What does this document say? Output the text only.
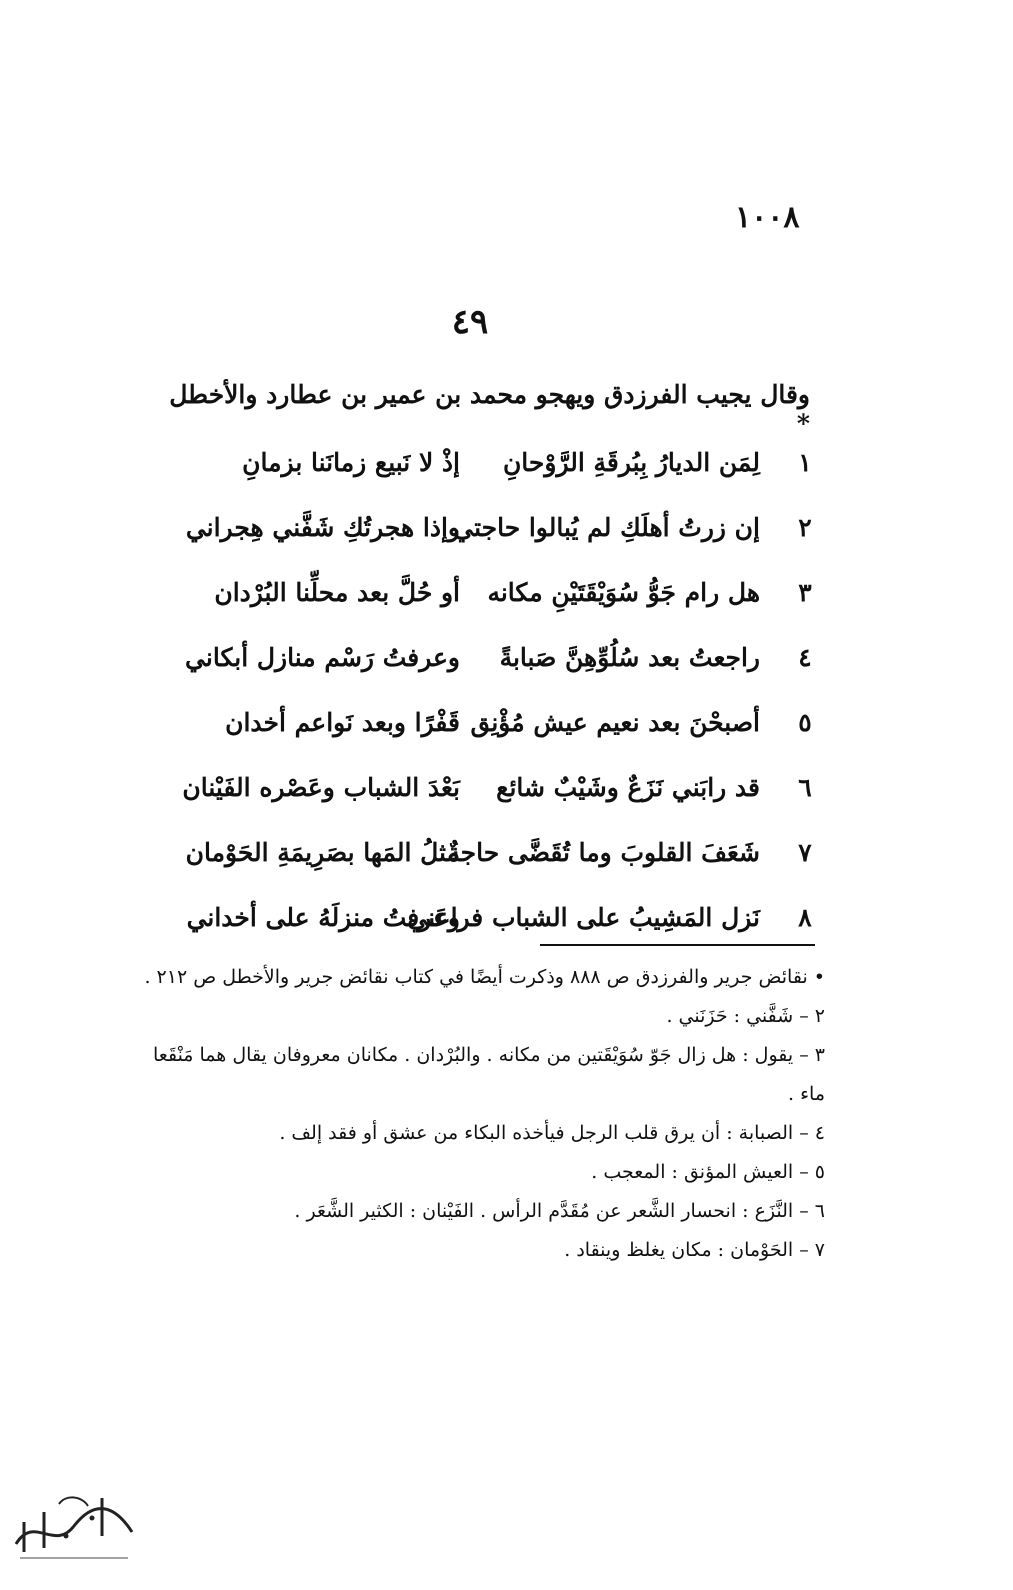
١٠٠٨
٤٩
وقال يجيب الفرزدق ويهجو محمد بن عمير بن عطارد والأخطل *
١
لِمَن الديارُ بِبُرقَةِ الرَّوْحانِ
إذْ لا نَبيع زمانَنا بزمانِ
٢
إن زرتُ أهلَكِ لم يُبالوا حاجتي
وإذا هجرتُكِ شَفَّني هِجراني
٣
هل رام جَوُّ سُوَيْقَتَيْنِ مكانه
أو حُلَّ بعد محلِّنا البُرْدان
٤
راجعتُ بعد سُلُوِّهِنَّ صَبابةً
وعرفتُ رَسْم منازل أبكاني
٥
أصبحْنَ بعد نعيم عيش مُؤْنِق
قَفْرًا وبعد نَواعم أخدان
٦
قد رابَني نَزَعٌ وشَيْبٌ شائع
بَعْدَ الشباب وعَصْره الفَيْنان
٧
شَعَفَ القلوبَ وما تُقَضَّى حاجةٌ
مثلُ المَها بصَرِيمَةِ الحَوْمان
٨
نَزل المَشِيبُ على الشباب فراعَني
وعرفتُ منزلَهُ على أخداني

• نقائض جرير والفرزدق ص ٨٨٨ وذكرت أيضًا في كتاب نقائض جرير والأخطل ص ٢١٢ .

٢ – شَفَّني : حَزَنَني .

٣ – يقول : هل زال جَوّ سُوَيْقَتين من مكانه . والبُرْدان . مكانان معروفان يقال هما مَنْقَعا ماء .

٤ – الصبابة : أن يرق قلب الرجل فيأخذه البكاء من عشق أو فقد إلف .

٥ – العيش المؤنق : المعجب .

٦ – النَّزَع : انحسار الشَّعر عن مُقَدَّم الرأس . الفَيْنان : الكثير الشَّعَر .

٧ – الحَوْمان : مكان يغلظ وينقاد .
